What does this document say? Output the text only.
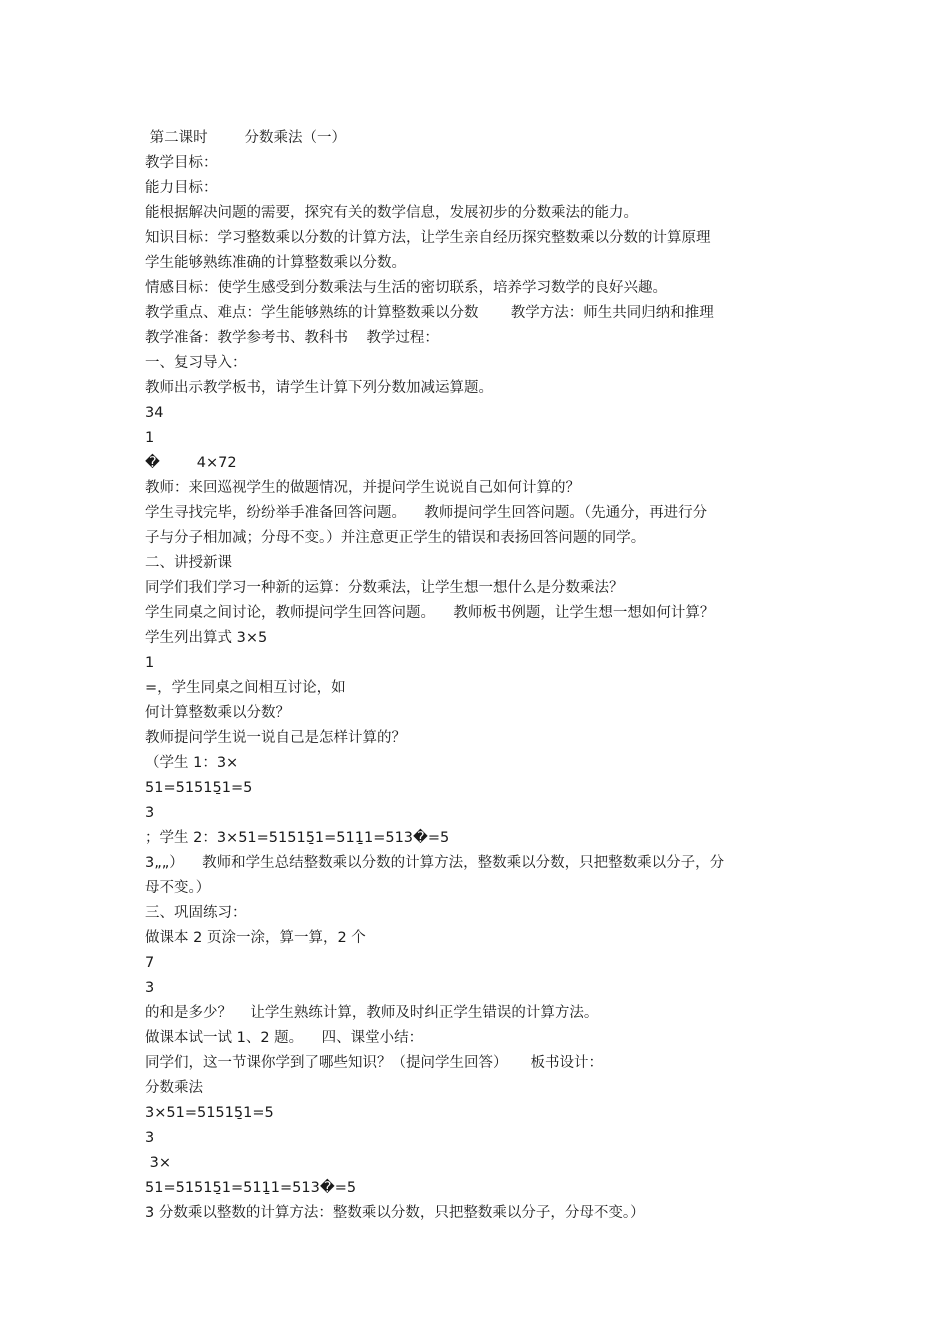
第二课时        分数乘法（一）
教学目标：
能力目标：
能根据解决问题的需要，探究有关的数学信息，发展初步的分数乘法的能力。
知识目标：学习整数乘以分数的计算方法，让学生亲自经历探究整数乘以分数的计算原理
学生能够熟练准确的计算整数乘以分数。
情感目标：使学生感受到分数乘法与生活的密切联系，培养学习数学的良好兴趣。
教学重点、难点：学生能够熟练的计算整数乘以分数       教学方法：师生共同归纳和推理
教学准备：教学参考书、教科书    教学过程：
一、复习导入：
教师出示教学板书，请学生计算下列分数加减运算题。
34
1
�        4×72
教师：来回巡视学生的做题情况，并提问学生说说自己如何计算的？
学生寻找完毕，纷纷举手准备回答问题。    教师提问学生回答问题。（先通分，再进行分
子与分子相加减；分母不变。）并注意更正学生的错误和表扬回答问题的同学。
二、讲授新课
同学们我们学习一种新的运算：分数乘法，让学生想一想什么是分数乘法？
学生同桌之间讨论，教师提问学生回答问题。    教师板书例题，让学生想一想如何计算？
学生列出算式 3×5
1
=，学生同桌之间相互讨论，如
何计算整数乘以分数？
教师提问学生说一说自己是怎样计算的？
（学生 1：3×
51=51515̱1=5
3
；学生 2：3×51=51515̱1=511̱1=513�=5
3„„）    教师和学生总结整数乘以分数的计算方法，整数乘以分数，只把整数乘以分子，分
母不变。）
三、巩固练习：
做课本 2 页涂一涂，算一算，2 个
7
3
的和是多少？    让学生熟练计算，教师及时纠正学生错误的计算方法。
做课本试一试 1、2 题。    四、课堂小结：
同学们，这一节课你学到了哪些知识？（提问学生回答）     板书设计：
分数乘法
3×51=51515̱1=5
3
3×
51=51515̱1=511̱1=513�=5
3 分数乘以整数的计算方法：整数乘以分数，只把整数乘以分子，分母不变。）
